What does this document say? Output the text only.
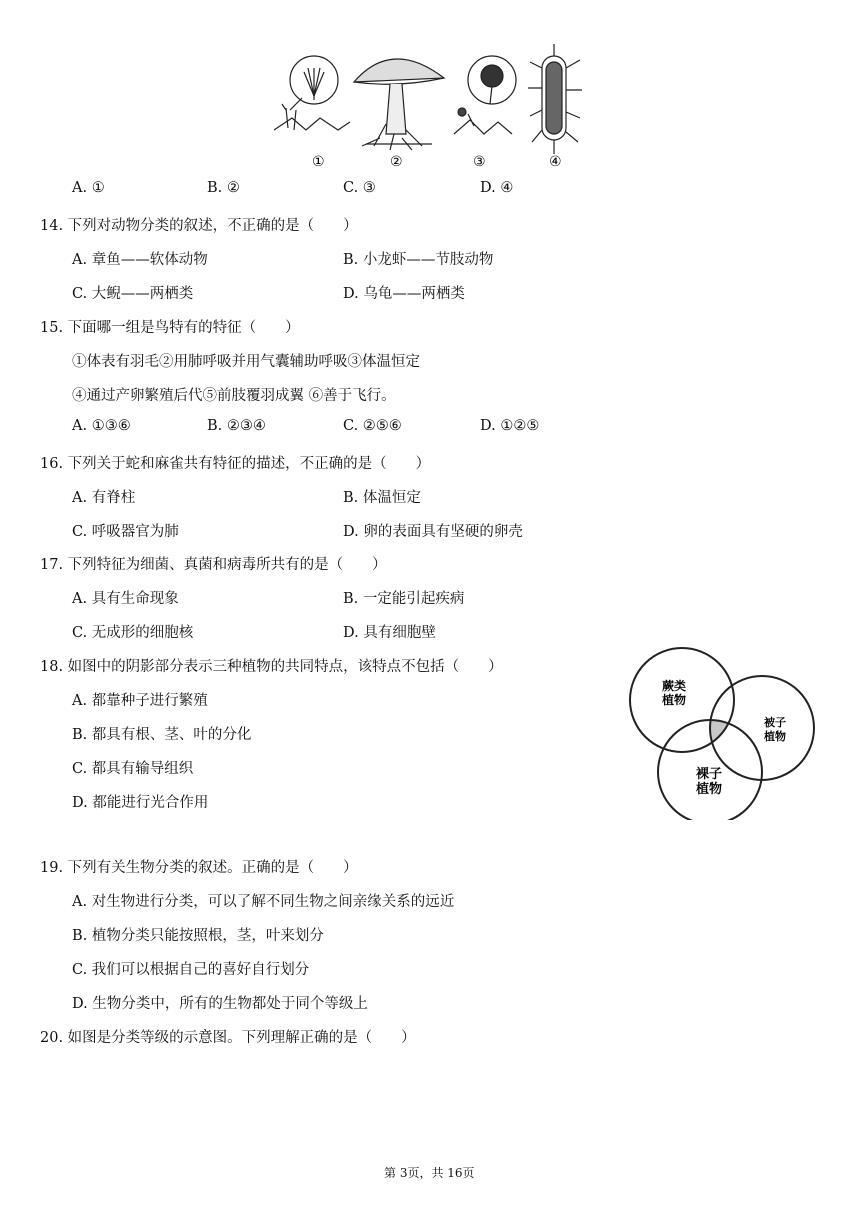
①	②	③	④
A. ①	B. ②	C. ③	D. ④
14. 下列对动物分类的叙述，不正确的是（　　）
A. 章鱼——软体动物	B. 小龙虾——节肢动物
C. 大鲵——两栖类	D. 乌龟——两栖类
15. 下面哪一组是鸟特有的特征（　　）
①体表有羽毛②用肺呼吸并用气囊辅助呼吸③体温恒定
④通过产卵繁殖后代⑤前肢覆羽成翼 ⑥善于飞行。
A. ①③⑥	B. ②③④	C. ②⑤⑥	D. ①②⑤
16. 下列关于蛇和麻雀共有特征的描述，不正确的是（　　）
A. 有脊柱	B. 体温恒定
C. 呼吸器官为肺	D. 卵的表面具有坚硬的卵壳
17. 下列特征为细菌、真菌和病毒所共有的是（　　）
A. 具有生命现象	B. 一定能引起疾病
C. 无成形的细胞核	D. 具有细胞壁
18. 如图中的阴影部分表示三种植物的共同特点，该特点不包括（　　）
A. 都靠种子进行繁殖
B. 都具有根、茎、叶的分化
C. 都具有输导组织
D. 都能进行光合作用
蕨类
植物
被子
植物
裸子
植物
19. 下列有关生物分类的叙述。正确的是（　　）
A. 对生物进行分类，可以了解不同生物之间亲缘关系的远近
B. 植物分类只能按照根，茎，叶来划分
C. 我们可以根据自己的喜好自行划分
D. 生物分类中，所有的生物都处于同个等级上
20. 如图是分类等级的示意图。下列理解正确的是（　　）
第 3页，共 16页
